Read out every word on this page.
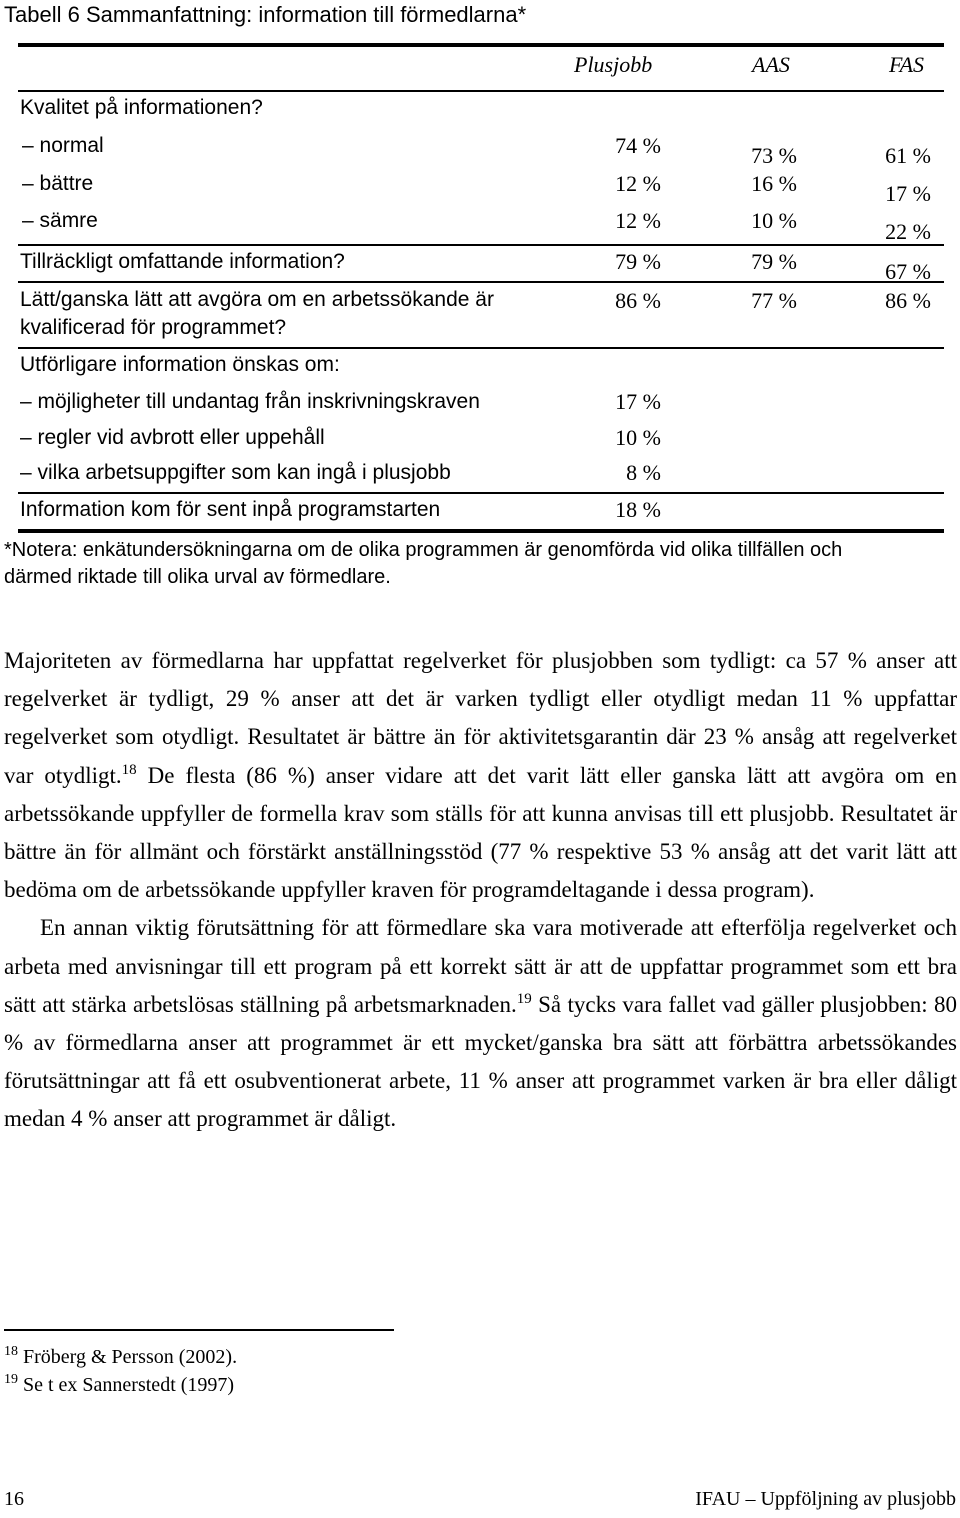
Tabell 6 Sammanfattning: information till förmedlarna*
Plusjobb	AAS	FAS
Kvalitet på informationen?
– normal	74 %	73 %	61 %
– bättre	12 %	16 %	17 %
– sämre	12 %	10 %	22 %
Tillräckligt omfattande information?	79 %	79 %	67 %
Lätt/ganska lätt att avgöra om en arbetssökande är
kvalificerad för programmet?
86 %	77 %	86 %
Utförligare information önskas om:
– möjligheter till undantag från inskrivningskraven	17 %
– regler vid avbrott eller uppehåll	10 %
– vilka arbetsuppgifter som kan ingå i plusjobb	8 %
Information kom för sent inpå programstarten	18 %
*Notera: enkätundersökningarna om de olika programmen är genomförda vid olika tillfällen och
därmed riktade till olika urval av förmedlare.

Majoriteten av förmedlarna har uppfattat regelverket för plusjobben som tydligt: ca 57 % anser att regelverket är tydligt, 29 % anser att det är varken tydligt eller otydligt medan 11 % uppfattar regelverket som otydligt. Resultatet är bättre än för aktivitetsgarantin där 23 % ansåg att regelverket var otydligt.$^{18}$ De flesta (86 %) anser vidare att det varit lätt eller ganska lätt att avgöra om en arbetssökande uppfyller de formella krav som ställs för att kunna anvisas till ett plusjobb. Resultatet är bättre än för allmänt och förstärkt anställningsstöd (77 % respektive 53 % ansåg att det varit lätt att bedöma om de arbetssökande uppfyller kraven för programdeltagande i dessa program).

En annan viktig förutsättning för att förmedlare ska vara motiverade att efterfölja regelverket och arbeta med anvisningar till ett program på ett korrekt sätt är att de uppfattar programmet som ett bra sätt att stärka arbetslösas ställning på arbetsmarknaden.$^{19}$ Så tycks vara fallet vad gäller plusjobben: 80 % av förmedlarna anser att programmet är ett mycket/ganska bra sätt att förbättra arbetssökandes förutsättningar att få ett osubventionerat arbete, 11 % anser att programmet varken är bra eller dåligt medan 4 % anser att programmet är dåligt.

$^{18}$ Fröberg & Persson (2002).
$^{19}$ Se t ex Sannerstedt (1997)
16	IFAU – Uppföljning av plusjobb
